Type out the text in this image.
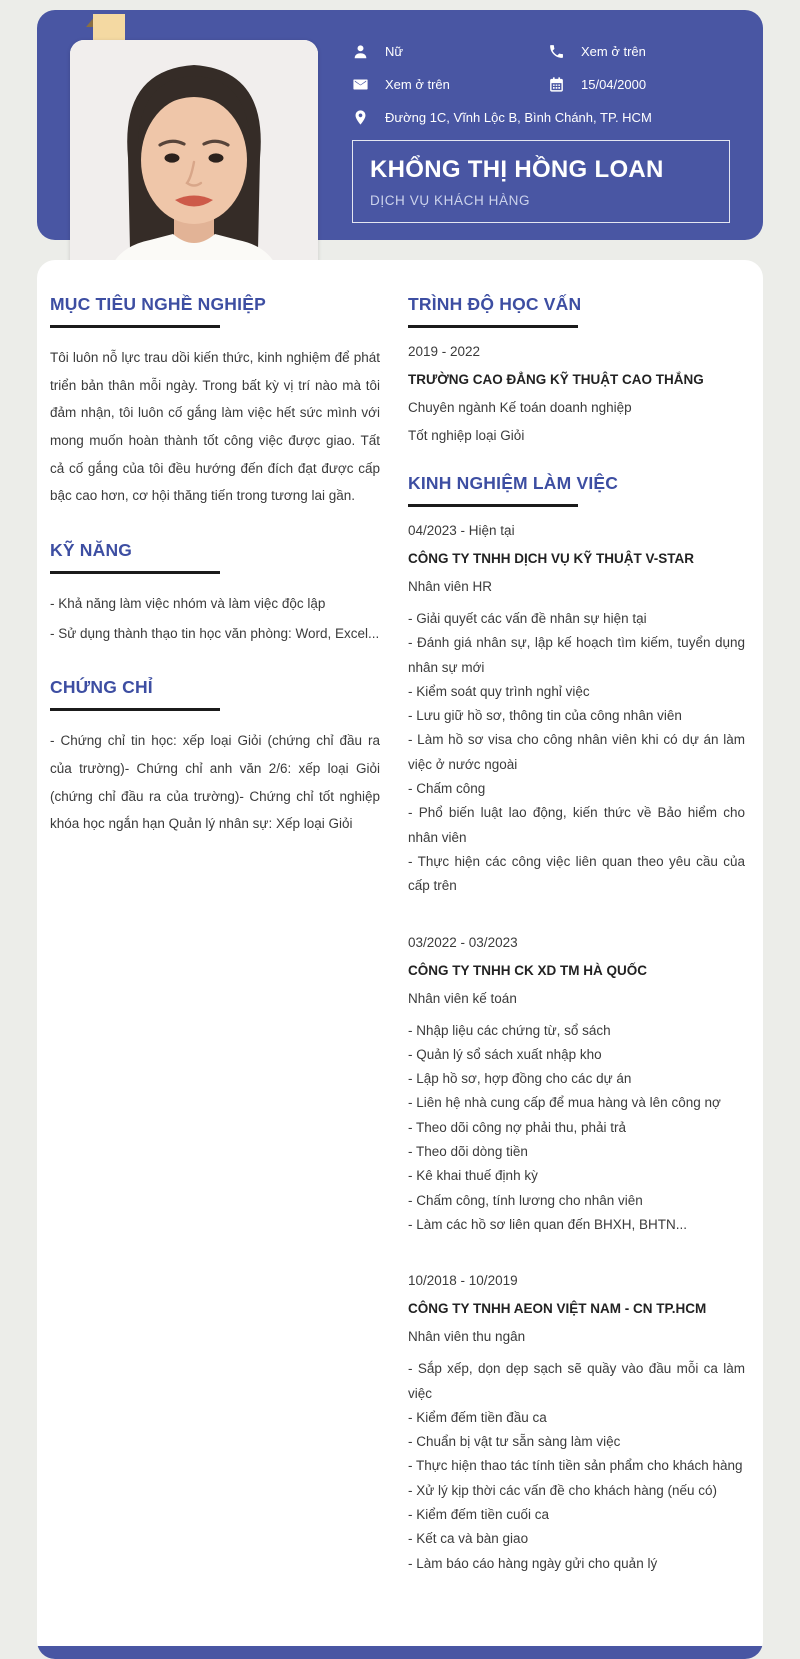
Nữ	Xem ở trên
Xem ở trên	15/04/2000
Đường 1C, Vĩnh Lộc B, Bình Chánh, TP. HCM
KHỔNG THỊ HỒNG LOAN
DỊCH VỤ KHÁCH HÀNG
MỤC TIÊU NGHỀ NGHIỆP

Tôi luôn nỗ lực trau dồi kiến thức, kinh nghiệm để phát triển bản thân mỗi ngày. Trong bất kỳ vị trí nào mà tôi đảm nhận, tôi luôn cố gắng làm việc hết sức mình với mong muốn hoàn thành tốt công việc được giao. Tất cả cố gắng của tôi đều hướng đến đích đạt được cấp bậc cao hơn, cơ hội thăng tiến trong tương lai gần.

KỸ NĂNG
- Khả năng làm việc nhóm và làm việc độc lập
- Sử dụng thành thạo tin học văn phòng: Word, Excel...
CHỨNG CHỈ

- Chứng chỉ tin học: xếp loại Giỏi (chứng chỉ đầu ra của trường)- Chứng chỉ anh văn 2/6: xếp loại Giỏi (chứng chỉ đầu ra của trường)- Chứng chỉ tốt nghiệp khóa học ngắn hạn Quản lý nhân sự: Xếp loại Giỏi

TRÌNH ĐỘ HỌC VẤN
2019 - 2022
TRƯỜNG CAO ĐẲNG KỸ THUẬT CAO THẮNG
Chuyên ngành Kế toán doanh nghiệp
Tốt nghiệp loại Giỏi
KINH NGHIỆM LÀM VIỆC
04/2023 - Hiện tại
CÔNG TY TNHH DỊCH VỤ KỸ THUẬT V-STAR
Nhân viên HR
- Giải quyết các vấn đề nhân sự hiện tại
- Đánh giá nhân sự, lập kế hoạch tìm kiếm, tuyển dụng nhân sự mới
- Kiểm soát quy trình nghỉ việc
- Lưu giữ hồ sơ, thông tin của công nhân viên
- Làm hồ sơ visa cho công nhân viên khi có dự án làm việc ở nước ngoài
- Chấm công
- Phổ biến luật lao động, kiến thức về Bảo hiểm cho nhân viên
- Thực hiện các công việc liên quan theo yêu cầu của cấp trên
03/2022 - 03/2023
CÔNG TY TNHH CK XD TM HÀ QUỐC
Nhân viên kế toán
- Nhập liệu các chứng từ, sổ sách
- Quản lý sổ sách xuất nhập kho
- Lập hồ sơ, hợp đồng cho các dự án
- Liên hệ nhà cung cấp để mua hàng và lên công nợ
- Theo dõi công nợ phải thu, phải trả
- Theo dõi dòng tiền
- Kê khai thuế định kỳ
- Chấm công, tính lương cho nhân viên
- Làm các hồ sơ liên quan đến BHXH, BHTN...
10/2018 - 10/2019
CÔNG TY TNHH AEON VIỆT NAM - CN TP.HCM
Nhân viên thu ngân
- Sắp xếp, dọn dẹp sạch sẽ quầy vào đầu mỗi ca làm việc
- Kiểm đếm tiền đầu ca
- Chuẩn bị vật tư sẵn sàng làm việc
- Thực hiện thao tác tính tiền sản phẩm cho khách hàng
- Xử lý kịp thời các vấn đề cho khách hàng (nếu có)
- Kiểm đếm tiền cuối ca
- Kết ca và bàn giao
- Làm báo cáo hàng ngày gửi cho quản lý
